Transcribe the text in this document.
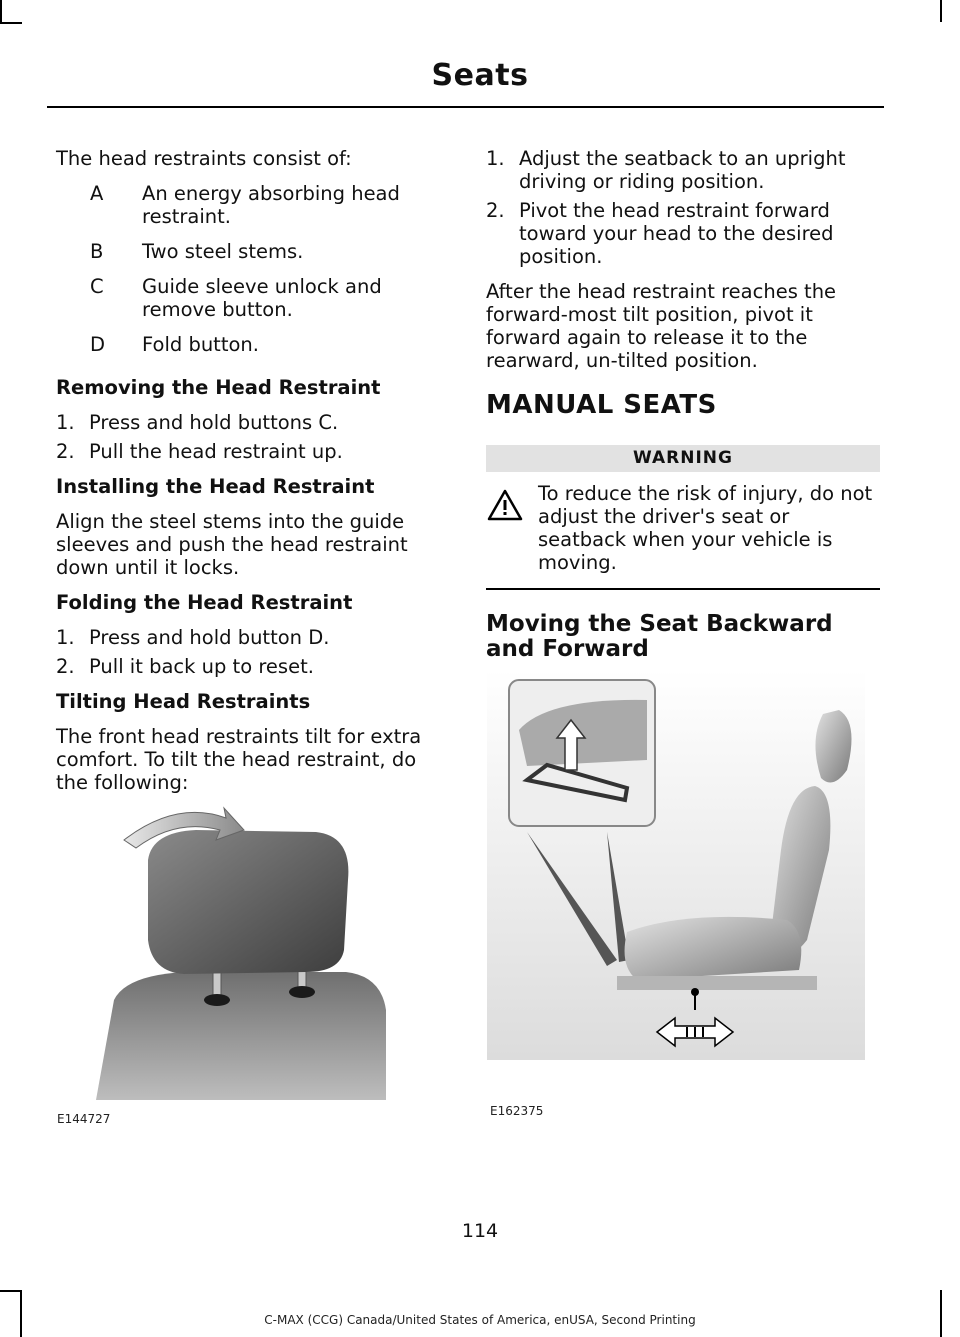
Seats

The head restraints consist of:

A	An energy absorbing head restraint.
B	Two steel stems.
C	Guide sleeve unlock and remove button.
D	Fold button.
Removing the Head Restraint
1. Press and hold buttons C.
2. Pull the head restraint up.
Installing the Head Restraint

Align the steel stems into the guide sleeves and push the head restraint down until it locks.

Folding the Head Restraint
1. Press and hold button D.
2. Pull it back up to reset.
Tilting Head Restraints

The front head restraints tilt for extra comfort. To tilt the head restraint, do the following:

E144727
1. Adjust the seatback to an upright driving or riding position.
2. Pivot the head restraint forward toward your head to the desired position.

After the head restraint reaches the forward-most tilt position, pivot it forward again to release it to the rearward, un-tilted position.

MANUAL SEATS
WARNING
To reduce the risk of injury, do not adjust the driver's seat or seatback when your vehicle is moving.
Moving the Seat Backward and Forward
E162375
114
C-MAX (CCG) Canada/United States of America, enUSA, Second Printing
